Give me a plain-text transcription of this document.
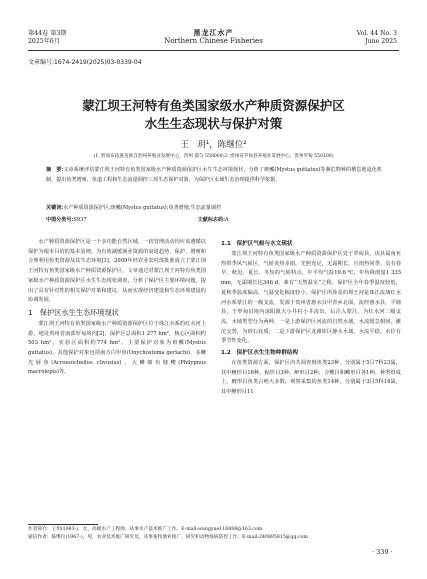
第44卷 第3期
2025年6月
黑龙江水产
Northern Chinese Fisheries
Vol. 44 No. 3
June 2025
文章编号:1674-2419(2025)03-0339-04
蒙江坝王河特有鱼类国家级水产种质资源保护区
水生生态现状与保护对策
王　玥¹，陈继位²
(1. 黔南布依族苗族自治州养殖业发展中心，贵州 都匀 558000;2. 贵州省罗甸县养殖业发展中心，贵州罗甸 550100)
摘　要:文章系统评估蒙江坝王河特有鱼类国家级水产种质资源保护区水生生态环境现状，分析了斑鳠(Mystus guttatus)等濒危物种的栖息地退化机制，提出鱼类增殖、鱼道工程和生态流量调控三项生态保护对策，为保护区水域生态治理提供科学依据。
关键词:水产种质资源保护区;斑鳠(Mystus guttatus);鱼类增殖;生态流量调控
中图分类号:S937	文献标志码:A

水产种质资源保护区是一个多功能自然区域，一切管理活动均应该遵循以保护为根本目的的基本原则。为有效减缓渔业资源的衰退趋势，保护、增殖和合理利用鱼类资源及其生态环境[1]，2009年经农业农村部批准成立了蒙江坝王河特有鱼类国家级水产种质资源保护区。文章通过对蒙江坝王河特有鱼类国家级水产种质资源保护区水生生态现状调查，分析了保护区主要环境问题，提出了具有针对性的相关保护对策和建议，从而实现经济建设和生态环境建设的协调发展。

1　保护区水生生态环境现状

蒙江坝王河特有鱼类国家级水产种质资源保护区位于珠江水系的红水河上游，地处贵州省南部罗甸境内[2]，保护区总面积1 277 hm²，核心区面积约503 hm²，实验区面积约774 hm²。主要保护对象为斑鳠(Mystus guttatus)，其他保护对象包括南方白甲鱼(Onychostoma gerlachi)、多鳞光唇鱼(Acrossocheilus clivosius)、大鳞细齿塘鳢(Philypnus macrolepis)等。

1.1　保护区气候与水文现状

蒙江坝王河特有鱼类国家级水产种质资源保护区处于罗甸县，该县属南亚热带季风气候区，气候炎热多雨，光照充足，无霜期长，且雨热同季。具有春早、秋迟、夏长、冬短的气候特点，年平均气温19.6 ℃，年均降雨量1 335 mm，无霜期长达346 d，素有“天然温室”之称。保护区全年春季温度较低，夏秋季温度偏高，气温变化幅度较小。保护区所涉及的坝王河是珠江流域红水河水系蒙江的一级支流，发源于贵州省惠水县甲青乡北面，流经惠水县、平塘县，于罗甸县境内沫阳镇大小井村小井流出，后注入蒙江，为红水河二级支流。水域类型分为两种，一是上游保护区河流的自然水域，水流缓急相间，滩沱交替，为砂石底质；二是下游保护区龙滩库区静水水域，水流平稳，水位有季节性变化。

1.2　保护区水生生物种群结构

在鱼类资源方面，保护区内共调查到鱼类23种，分别属于5目7科23属，其中鲤形目16种，鲇形目3种，鲈形目2种，合鳃目和鳉形目各1种。种类组成上，鲤形目鱼类占绝大多数。观察采集的鱼类14种，分别属于3目5科14属，其中鲤形目11

作者简介：王玥(1983-)，女，高级水产工程师，从事水产技术推广工作。E-mail:wangyue116888@163.com
通信作者：陈继位(1967-)，男，农业技术推广研究员，从事畜牧渔业推广、研究和动物疫病防控工作。E-mail:240895815@qq.com
· 339 ·
